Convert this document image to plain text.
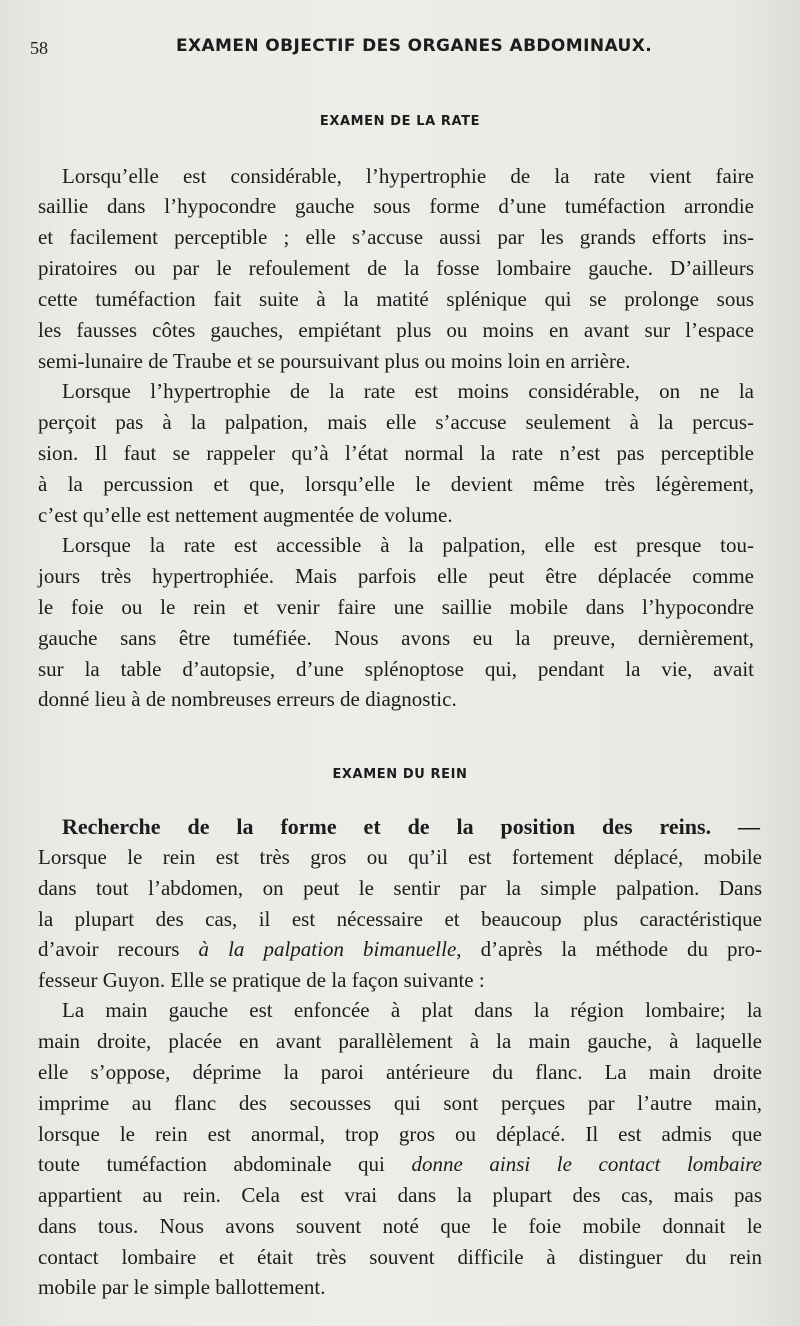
58	EXAMEN OBJECTIF DES ORGANES ABDOMINAUX.
EXAMEN DE LA RATE
Lorsqu’elle est considérable, l’hypertrophie de la rate vient faire
saillie dans l’hypocondre gauche sous forme d’une tuméfaction arrondie
et facilement perceptible ; elle s’accuse aussi par les grands efforts ins-
piratoires ou par le refoulement de la fosse lombaire gauche. D’ailleurs
cette tuméfaction fait suite à la matité splénique qui se prolonge sous
les fausses côtes gauches, empiétant plus ou moins en avant sur l’espace
semi-lunaire de Traube et se poursuivant plus ou moins loin en arrière.
Lorsque l’hypertrophie de la rate est moins considérable, on ne la
perçoit pas à la palpation, mais elle s’accuse seulement à la percus-
sion. Il faut se rappeler qu’à l’état normal la rate n’est pas perceptible
à la percussion et que, lorsqu’elle le devient même très légèrement,
c’est qu’elle est nettement augmentée de volume.
Lorsque la rate est accessible à la palpation, elle est presque tou-
jours très hypertrophiée. Mais parfois elle peut être déplacée comme
le foie ou le rein et venir faire une saillie mobile dans l’hypocondre
gauche sans être tuméfiée. Nous avons eu la preuve, dernièrement,
sur la table d’autopsie, d’une splénoptose qui, pendant la vie, avait
donné lieu à de nombreuses erreurs de diagnostic.
EXAMEN DU REIN
Recherche de la forme et de la position des reins. —
Lorsque le rein est très gros ou qu’il est fortement déplacé, mobile
dans tout l’abdomen, on peut le sentir par la simple palpation. Dans
la plupart des cas, il est nécessaire et beaucoup plus caractéristique
d’avoir recours à la palpation bimanuelle, d’après la méthode du pro-
fesseur Guyon. Elle se pratique de la façon suivante :
La main gauche est enfoncée à plat dans la région lombaire; la
main droite, placée en avant parallèlement à la main gauche, à laquelle
elle s’oppose, déprime la paroi antérieure du flanc. La main droite
imprime au flanc des secousses qui sont perçues par l’autre main,
lorsque le rein est anormal, trop gros ou déplacé. Il est admis que
toute tuméfaction abdominale qui donne ainsi le contact lombaire
appartient au rein. Cela est vrai dans la plupart des cas, mais pas
dans tous. Nous avons souvent noté que le foie mobile donnait le
contact lombaire et était très souvent difficile à distinguer du rein
mobile par le simple ballottement.
